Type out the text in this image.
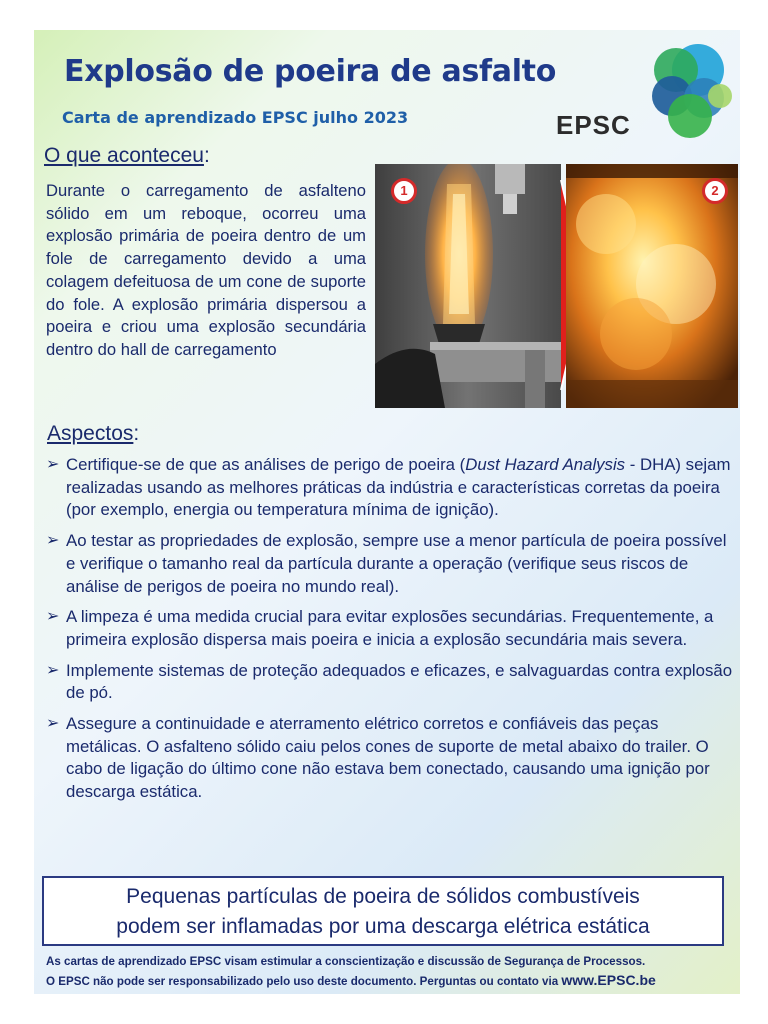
Explosão de poeira de asfalto
Carta de aprendizado EPSC julho 2023	EPSC
O que aconteceu:
Durante o carregamento de asfalteno sólido em um reboque, ocorreu uma explosão primária de poeira dentro de um fole de carregamento devido a uma colagem defeituosa de um cone de suporte do fole. A explosão primária dispersou a poeira e criou uma explosão secundária dentro do hall de carregamento
1	2
Aspectos:
➢ Certifique-se de que as análises de perigo de poeira (Dust Hazard Analysis - DHA) sejam realizadas usando as melhores práticas da indústria e características corretas da poeira (por exemplo, energia ou temperatura mínima de ignição).
➢ Ao testar as propriedades de explosão, sempre use a menor partícula de poeira possível e verifique o tamanho real da partícula durante a operação (verifique seus riscos de análise de perigos de poeira no mundo real).
➢ A limpeza é uma medida crucial para evitar explosões secundárias. Frequentemente, a primeira explosão dispersa mais poeira e inicia a explosão secundária mais severa.
➢ Implemente sistemas de proteção adequados e eficazes, e salvaguardas contra explosão de pó.
➢ Assegure a continuidade e aterramento elétrico corretos e confiáveis das peças metálicas. O asfalteno sólido caiu pelos cones de suporte de metal abaixo do trailer. O cabo de ligação do último cone não estava bem conectado, causando uma ignição por descarga estática.
Pequenas partículas de poeira de sólidos combustíveis
podem ser inflamadas por uma descarga elétrica estática
As cartas de aprendizado EPSC visam estimular a conscientização e discussão de Segurança de Processos.
O EPSC não pode ser responsabilizado pelo uso deste documento. Perguntas ou contato via www.EPSC.be
